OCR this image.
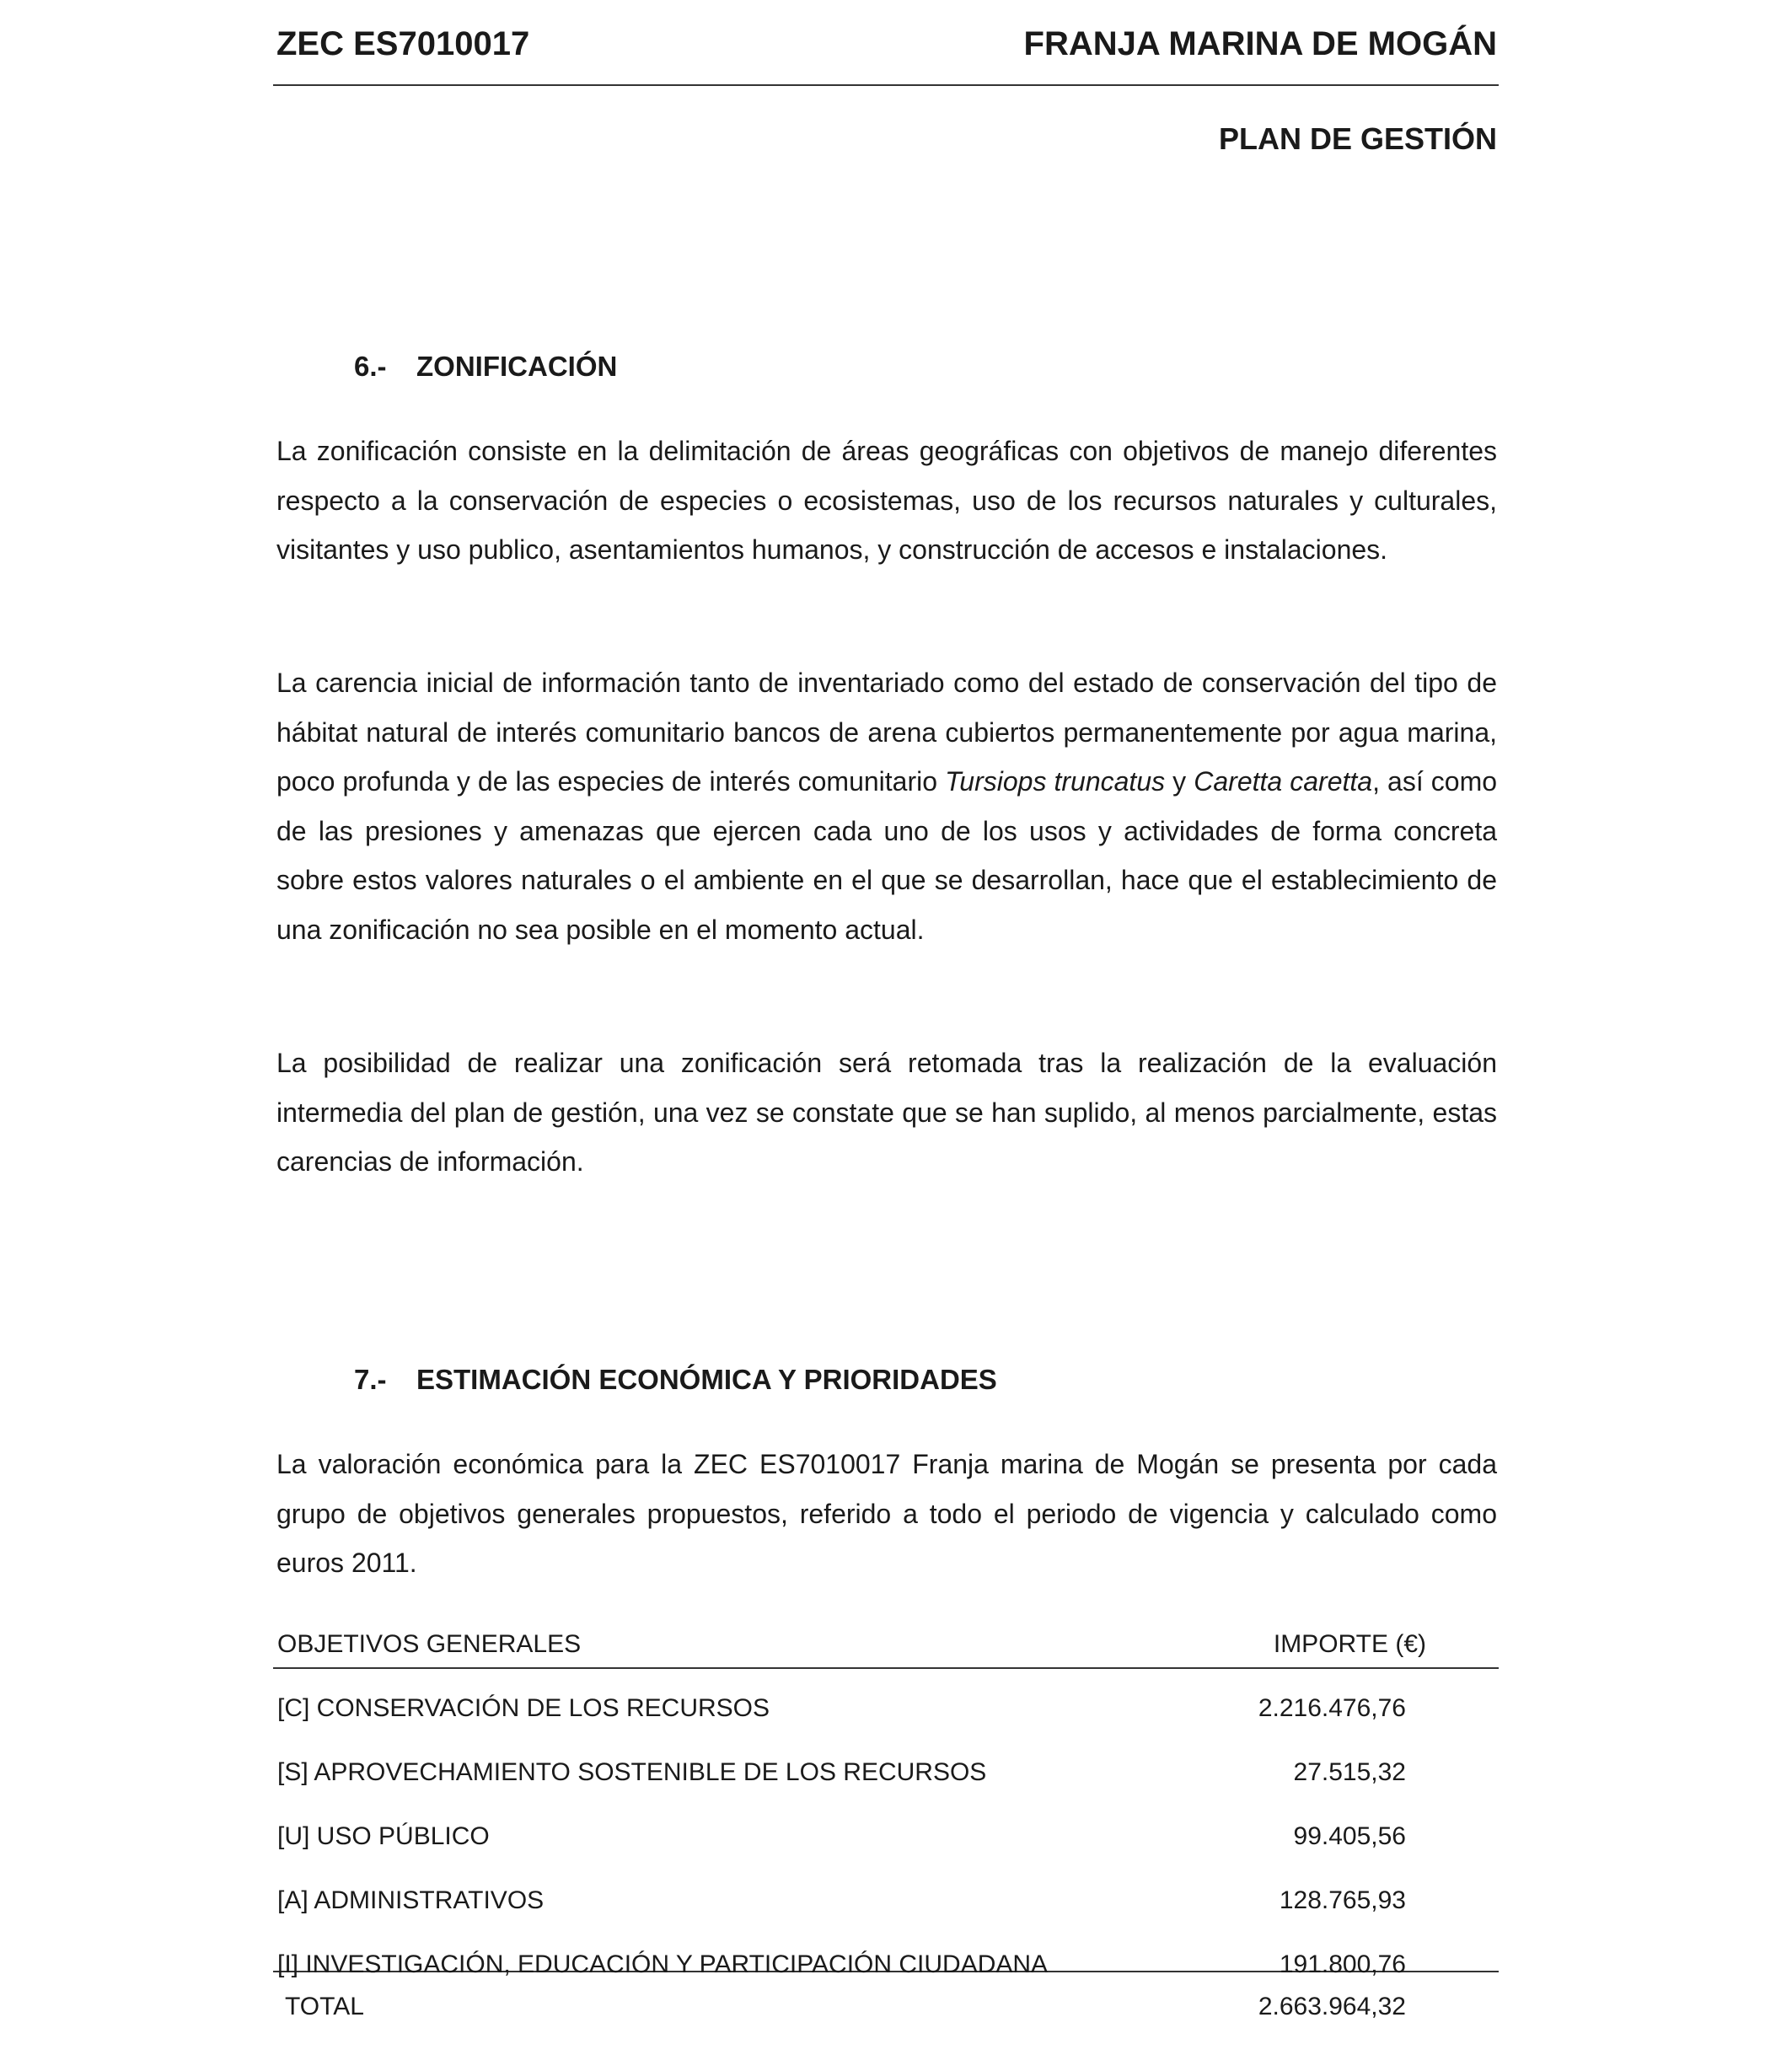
ZEC ES7010017	FRANJA MARINA DE MOGÁN
PLAN DE GESTIÓN
6.- ZONIFICACIÓN

La zonificación consiste en la delimitación de áreas geográficas con objetivos de manejo diferentes respecto a la conservación de especies o ecosistemas, uso de los recursos naturales y culturales, visitantes y uso publico, asentamientos humanos, y construcción de accesos e instalaciones.

La carencia inicial de información tanto de inventariado como del estado de conservación del tipo de hábitat natural de interés comunitario bancos de arena cubiertos permanentemente por agua marina, poco profunda y de las especies de interés comunitario Tursiops truncatus y Caretta caretta, así como de las presiones y amenazas que ejercen cada uno de los usos y actividades de forma concreta sobre estos valores naturales o el ambiente en el que se desarrollan, hace que el establecimiento de una zonificación no sea posible en el momento actual.

La posibilidad de realizar una zonificación será retomada tras la realización de la evaluación intermedia del plan de gestión, una vez se constate que se han suplido, al menos parcialmente, estas carencias de información.

7.- ESTIMACIÓN ECONÓMICA Y PRIORIDADES

La valoración económica para la ZEC ES7010017 Franja marina de Mogán se presenta por cada grupo de objetivos generales propuestos, referido a todo el periodo de vigencia y calculado como euros 2011.

OBJETIVOS GENERALES	IMPORTE (€)
[C] CONSERVACIÓN DE LOS RECURSOS	2.216.476,76
[S] APROVECHAMIENTO SOSTENIBLE DE LOS RECURSOS	27.515,32
[U] USO PÚBLICO	99.405,56
[A] ADMINISTRATIVOS	128.765,93
[I] INVESTIGACIÓN, EDUCACIÓN Y PARTICIPACIÓN CIUDADANA	191.800,76
TOTAL	2.663.964,32
